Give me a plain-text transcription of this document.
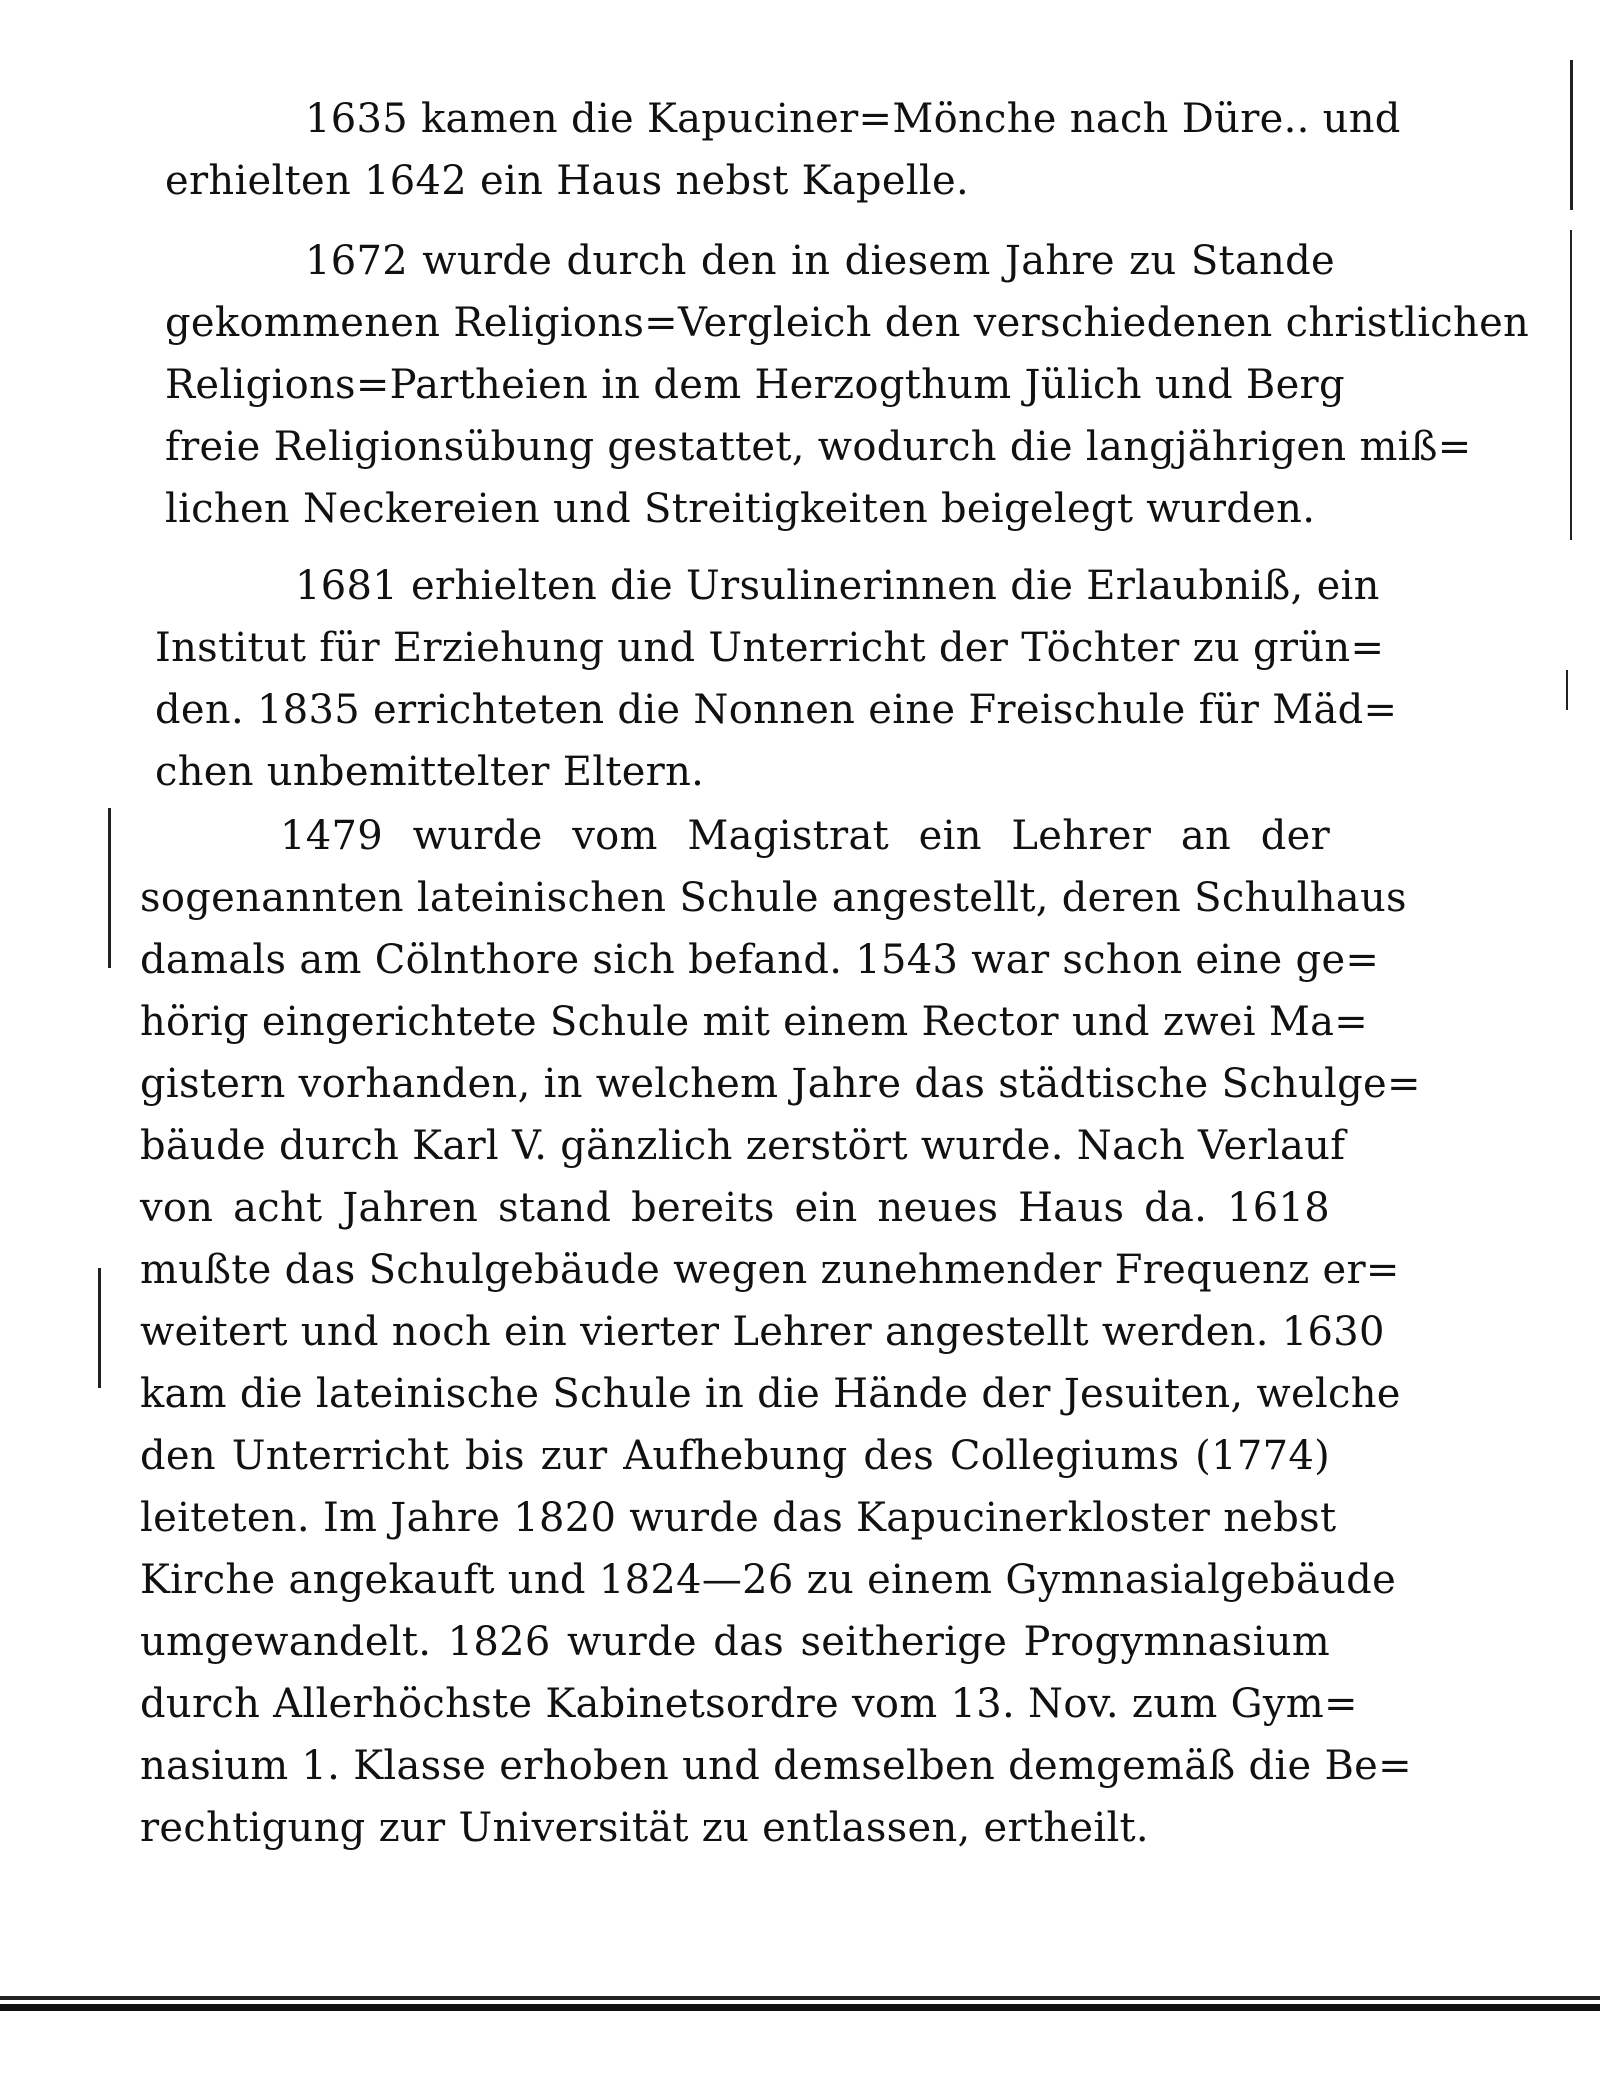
1635 kamen die Kapuciner=Mönche nach Düre.. und
erhielten 1642 ein Haus nebst Kapelle.

1672 wurde durch den in diesem Jahre zu Stande
gekommenen Religions=Vergleich den verschiedenen christlichen
Religions=Partheien in dem Herzogthum Jülich und Berg
freie Religionsübung gestattet, wodurch die langjährigen miß=
lichen Neckereien und Streitigkeiten beigelegt wurden.

1681 erhielten die Ursulinerinnen die Erlaubniß, ein
Institut für Erziehung und Unterricht der Töchter zu grün=
den. 1835 errichteten die Nonnen eine Freischule für Mäd=
chen unbemittelter Eltern.

1479 wurde vom Magistrat ein Lehrer an der
sogenannten lateinischen Schule angestellt, deren Schulhaus
damals am Cölnthore sich befand. 1543 war schon eine ge=
hörig eingerichtete Schule mit einem Rector und zwei Ma=
gistern vorhanden, in welchem Jahre das städtische Schulge=
bäude durch Karl V. gänzlich zerstört wurde. Nach Verlauf
von acht Jahren stand bereits ein neues Haus da. 1618
mußte das Schulgebäude wegen zunehmender Frequenz er=
weitert und noch ein vierter Lehrer angestellt werden. 1630
kam die lateinische Schule in die Hände der Jesuiten, welche
den Unterricht bis zur Aufhebung des Collegiums (1774)
leiteten. Im Jahre 1820 wurde das Kapucinerkloster nebst
Kirche angekauft und 1824—26 zu einem Gymnasialgebäude
umgewandelt. 1826 wurde das seitherige Progymnasium
durch Allerhöchste Kabinetsordre vom 13. Nov. zum Gym=
nasium 1. Klasse erhoben und demselben demgemäß die Be=
rechtigung zur Universität zu entlassen, ertheilt.
